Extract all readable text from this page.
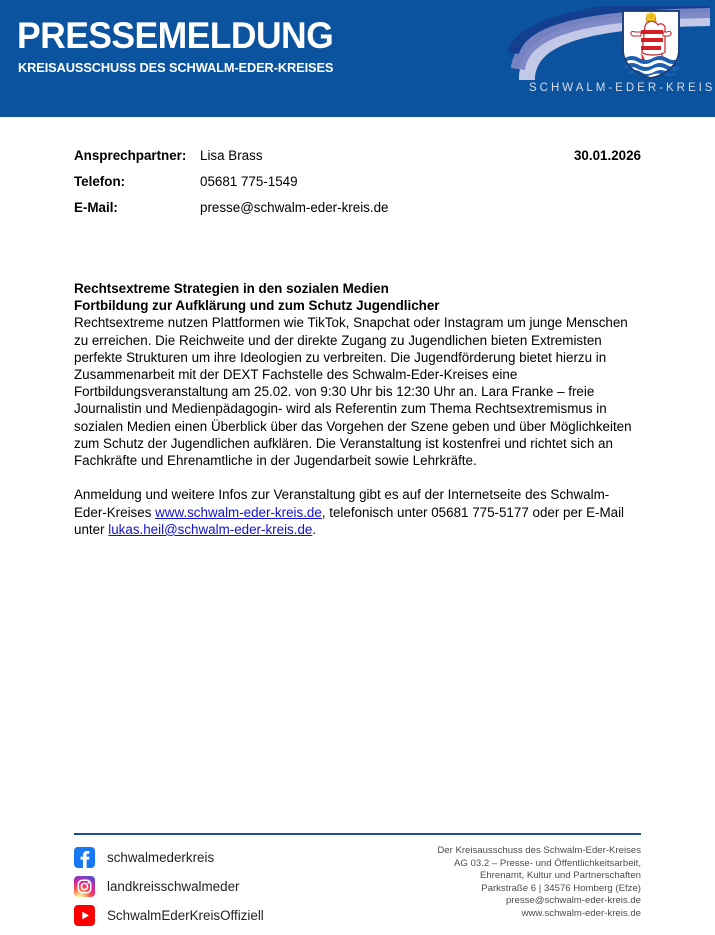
PRESSEMELDUNG
KREISAUSSCHUSS DES SCHWALM-EDER-KREISES
SCHWALM-EDER-KREIS
Ansprechpartner: Lisa Brass	30.01.2026
Telefon:	05681 775-1549
E-Mail:	presse@schwalm-eder-kreis.de
Rechtsextreme Strategien in den sozialen Medien
Fortbildung zur Aufklärung und zum Schutz Jugendlicher

Rechtsextreme nutzen Plattformen wie TikTok, Snapchat oder Instagram um junge Menschen zu erreichen. Die Reichweite und der direkte Zugang zu Jugendlichen bieten Extremisten perfekte Strukturen um ihre Ideologien zu verbreiten. Die Jugendförderung bietet hierzu in Zusammenarbeit mit der DEXT Fachstelle des Schwalm-Eder-Kreises eine Fortbildungsveranstaltung am 25.02. von 9:30 Uhr bis 12:30 Uhr an. Lara Franke – freie Journalistin und Medienpädagogin- wird als Referentin zum Thema Rechtsextremismus in sozialen Medien einen Überblick über das Vorgehen der Szene geben und über Möglichkeiten zum Schutz der Jugendlichen aufklären. Die Veranstaltung ist kostenfrei und richtet sich an Fachkräfte und Ehrenamtliche in der Jugendarbeit sowie Lehrkräfte.

Anmeldung und weitere Infos zur Veranstaltung gibt es auf der Internetseite des Schwalm-Eder-Kreises www.schwalm-eder-kreis.de, telefonisch unter 05681 775-5177 oder per E-Mail unter lukas.heil@schwalm-eder-kreis.de.

schwalmederkreis
landkreisschwalmeder
SchwalmEderKreisOffiziell
Der Kreisausschuss des Schwalm-Eder-Kreises
AG 03.2 – Presse- und Öffentlichkeitsarbeit,
Ehrenamt, Kultur und Partnerschaften
Parkstraße 6 | 34576 Homberg (Efze)
presse@schwalm-eder-kreis.de
www.schwalm-eder-kreis.de
